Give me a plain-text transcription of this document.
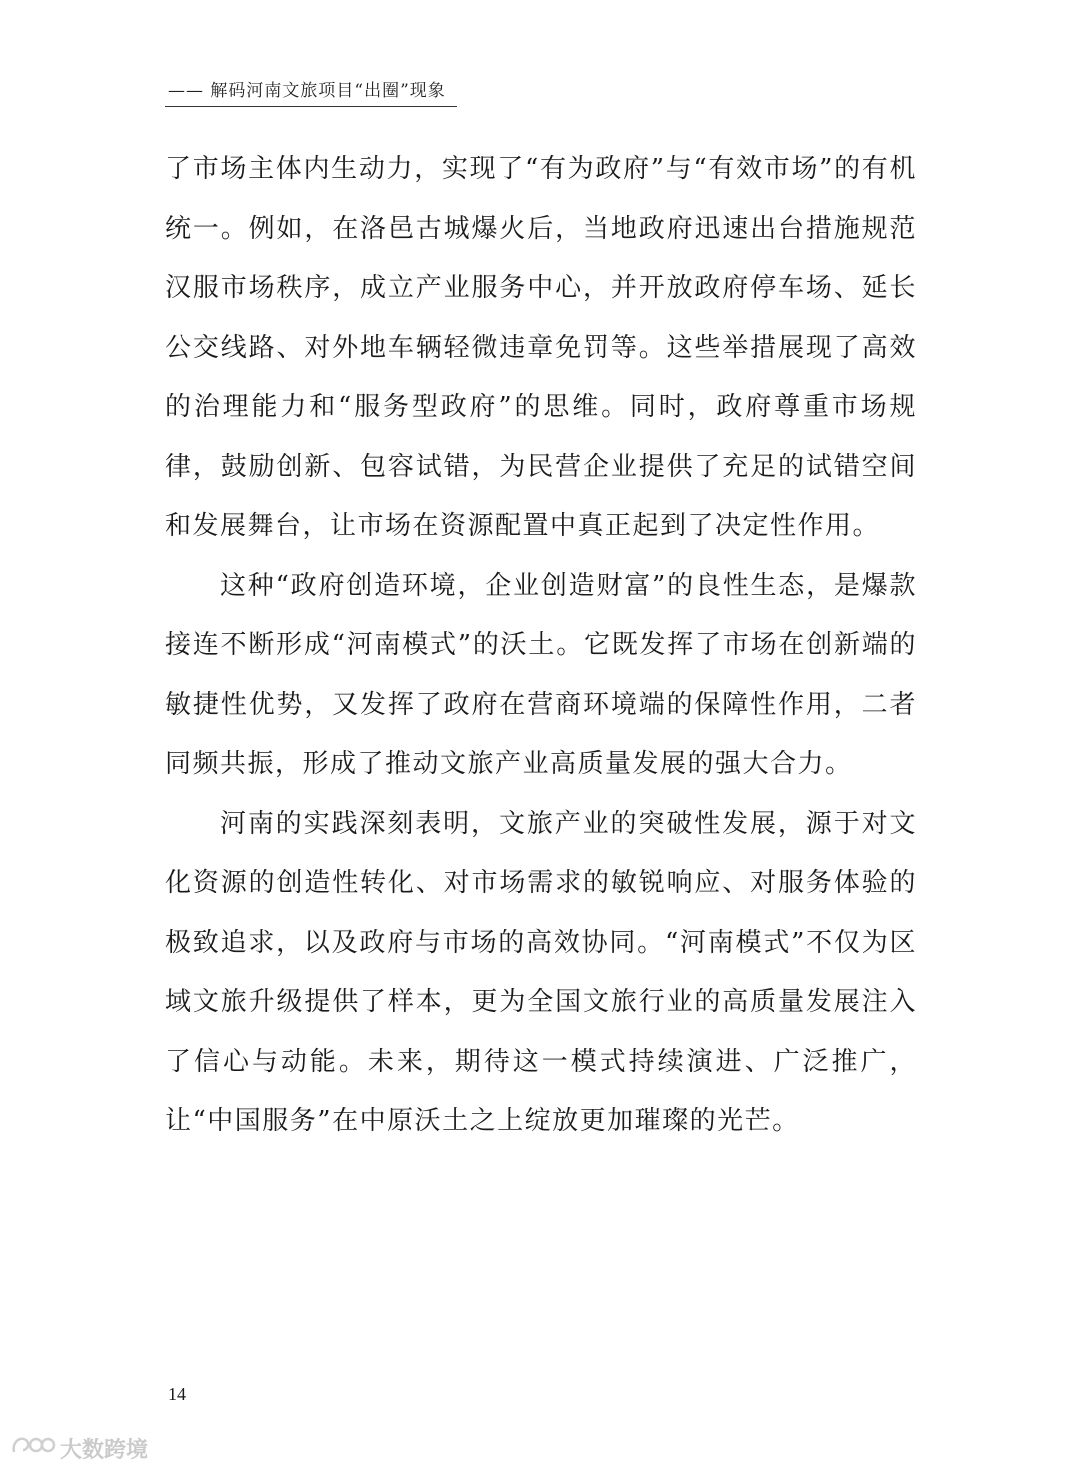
—— 解码河南文旅项目“出圈”现象

了市场主体内生动力，实现了“有为政府”与“有效市场”的有机统一。例如，在洛邑古城爆火后，当地政府迅速出台措施规范汉服市场秩序，成立产业服务中心，并开放政府停车场、延长公交线路、对外地车辆轻微违章免罚等。这些举措展现了高效的治理能力和“服务型政府”的思维。同时，政府尊重市场规律，鼓励创新、包容试错，为民营企业提供了充足的试错空间和发展舞台，让市场在资源配置中真正起到了决定性作用。

这种“政府创造环境，企业创造财富”的良性生态，是爆款接连不断形成“河南模式”的沃土。它既发挥了市场在创新端的敏捷性优势，又发挥了政府在营商环境端的保障性作用，二者同频共振，形成了推动文旅产业高质量发展的强大合力。

河南的实践深刻表明，文旅产业的突破性发展，源于对文化资源的创造性转化、对市场需求的敏锐响应、对服务体验的极致追求，以及政府与市场的高效协同。“河南模式”不仅为区域文旅升级提供了样本，更为全国文旅行业的高质量发展注入了信心与动能。未来，期待这一模式持续演进、广泛推广，让“中国服务”在中原沃土之上绽放更加璀璨的光芒。

14
大数跨境
